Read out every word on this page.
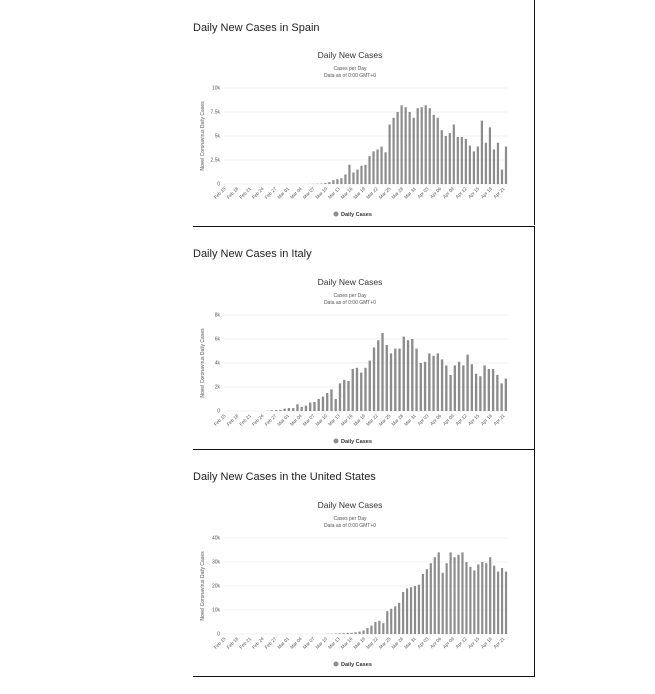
Daily New Cases in Spain
Daily New Cases
Cases per Day
Data as of 0:00 GMT+0
0
2.5k
5k
7.5k
10k
Novel Coronavirus Daily Cases
Feb 15 Feb 18 Feb 21
Feb 24 Feb 27 Mar 01 Mar 04 Mar 07 Mar 10
Mar 13 Mar 16 Mar 19 Mar 22 Mar 25
Mar 28 Mar 31 Apr 03 Apr 06 Apr 09 Apr 12 Apr 15 Apr 18 Apr 21
Daily Cases
Daily New Cases in Italy
Daily New Cases
Cases per Day
Data as of 0:00 GMT+0
0
2k
4k
6k
8k
Novel Coronavirus Daily Cases
Feb 15 Feb 18 Feb 21
Feb 24 Feb 27 Mar 01 Mar 04 Mar 07 Mar 10
Mar 13 Mar 16 Mar 19 Mar 22 Mar 25
Mar 28 Mar 31 Apr 03 Apr 06 Apr 09 Apr 12 Apr 15 Apr 18 Apr 21
Daily Cases
Daily New Cases in the United States
Daily New Cases
Cases per Day
Data as of 0:00 GMT+0
0
10k
20k
30k
40k
Novel Coronavirus Daily Cases
Feb 15 Feb 18 Feb 21
Feb 24 Feb 27 Mar 01 Mar 04 Mar 07 Mar 10
Mar 13 Mar 16 Mar 19 Mar 22 Mar 25
Mar 28 Mar 31 Apr 03 Apr 06 Apr 09 Apr 12 Apr 15 Apr 18 Apr 21
Daily Cases
